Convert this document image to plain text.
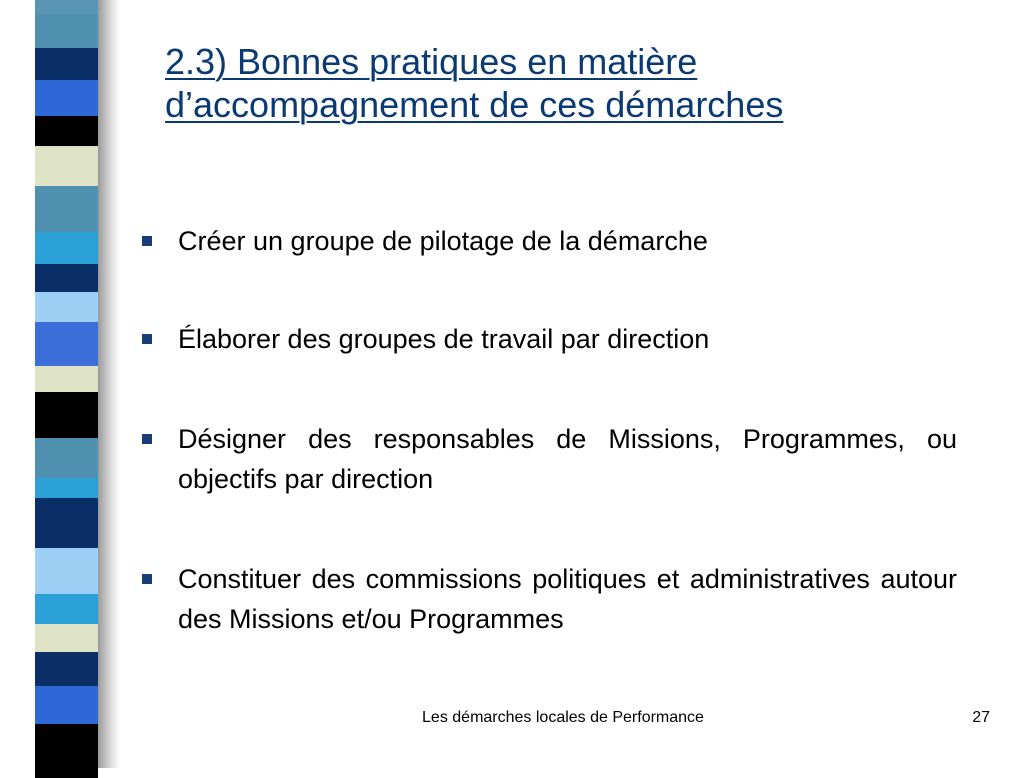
2.3) Bonnes pratiques en matière d’accompagnement de ces démarches
Créer un groupe de pilotage de la démarche
Élaborer des groupes de travail par direction
Désigner des responsables de Missions, Programmes, ou objectifs par direction
Constituer des commissions politiques et administratives autour des Missions et/ou Programmes
Les démarches locales de Performance	27
